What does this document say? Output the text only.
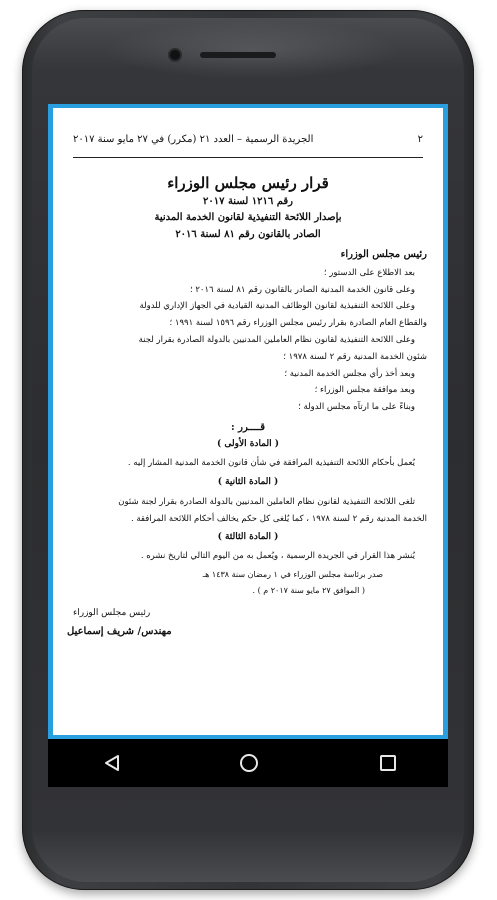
٢
الجريدة الرسمية – العدد ٢١ (مكرر) في ٢٧ مايو سنة ٢٠١٧
قرار رئيس مجلس الوزراء
رقم ١٢١٦ لسنة ٢٠١٧
بإصدار اللائحة التنفيذية لقانون الخدمة المدنية
الصادر بالقانون رقم ٨١ لسنة ٢٠١٦
رئيس مجلس الوزراء
بعد الاطلاع على الدستور ؛
وعلى قانون الخدمة المدنية الصادر بالقانون رقم ٨١ لسنة ٢٠١٦ ؛
وعلى اللائحة التنفيذية لقانون الوظائف المدنية القيادية في الجهاز الإداري للدولة
والقطاع العام الصادرة بقرار رئيس مجلس الوزراء رقم ١٥٩٦ لسنة ١٩٩١ ؛
وعلى اللائحة التنفيذية لقانون نظام العاملين المدنيين بالدولة الصادرة بقرار لجنة
شئون الخدمة المدنية رقم ٢ لسنة ١٩٧٨ ؛
وبعد أخذ رأي مجلس الخدمة المدنية ؛
وبعد موافقة مجلس الوزراء ؛
وبناءً على ما ارتآه مجلس الدولة ؛
قــــرر :
( المادة الأولى )
يُعمل بأحكام اللائحة التنفيذية المرافقة في شأن قانون الخدمة المدنية المشار إليه .
( المادة الثانية )
تلغى اللائحة التنفيذية لقانون نظام العاملين المدنيين بالدولة الصادرة بقرار لجنة شئون
الخدمة المدنية رقم ٢ لسنة ١٩٧٨ ، كما يُلغى كل حكم يخالف أحكام اللائحة المرافقة .
( المادة الثالثة )
يُنشر هذا القرار في الجريدة الرسمية ، ويُعمل به من اليوم التالي لتاريخ نشره .
صدر برئاسة مجلس الوزراء في ١ رمضان سنة ١٤٣٨ هـ
( الموافق ٢٧ مايو سنة ٢٠١٧ م ) .
رئيس مجلس الوزراء
مهندس/ شريف إسماعيل
